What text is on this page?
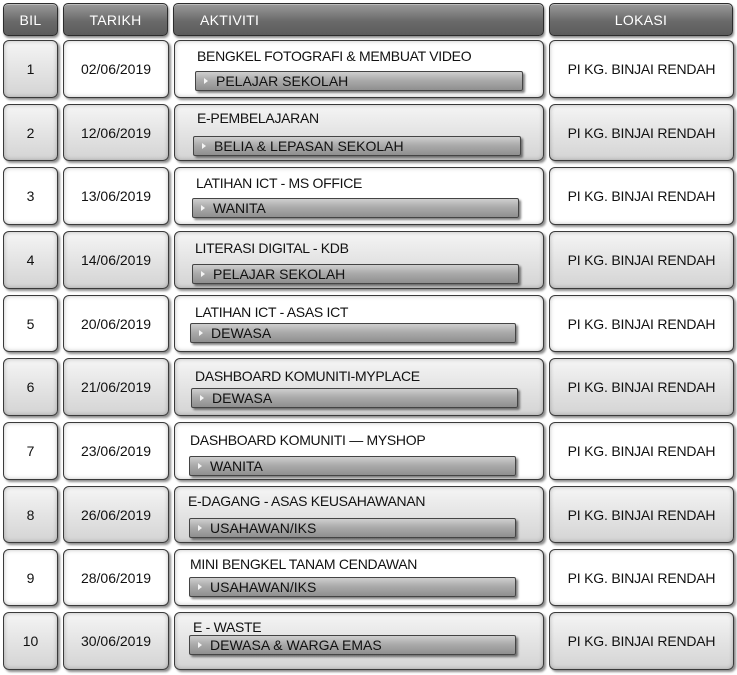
BIL	TARIKH	AKTIVITI	LOKASI
1	02/06/2019
BENGKEL FOTOGRAFI & MEMBUAT VIDEO
PELAJAR SEKOLAH
PI KG. BINJAI RENDAH
2	12/06/2019
E-PEMBELAJARAN
BELIA & LEPASAN SEKOLAH
PI KG. BINJAI RENDAH
3	13/06/2019
LATIHAN ICT - MS OFFICE
WANITA
PI KG. BINJAI RENDAH
4	14/06/2019
LITERASI DIGITAL - KDB
PELAJAR SEKOLAH
PI KG. BINJAI RENDAH
5	20/06/2019
LATIHAN ICT - ASAS ICT
DEWASA
PI KG. BINJAI RENDAH
6	21/06/2019
DASHBOARD KOMUNITI-MYPLACE
DEWASA
PI KG. BINJAI RENDAH
7	23/06/2019
DASHBOARD KOMUNITI — MYSHOP
WANITA
PI KG. BINJAI RENDAH
8	26/06/2019
E-DAGANG - ASAS KEUSAHAWANAN
USAHAWAN/IKS
PI KG. BINJAI RENDAH
9	28/06/2019
MINI BENGKEL TANAM CENDAWAN
USAHAWAN/IKS
PI KG. BINJAI RENDAH
10	30/06/2019
E - WASTE
DEWASA & WARGA EMAS	PI KG. BINJAI RENDAH
